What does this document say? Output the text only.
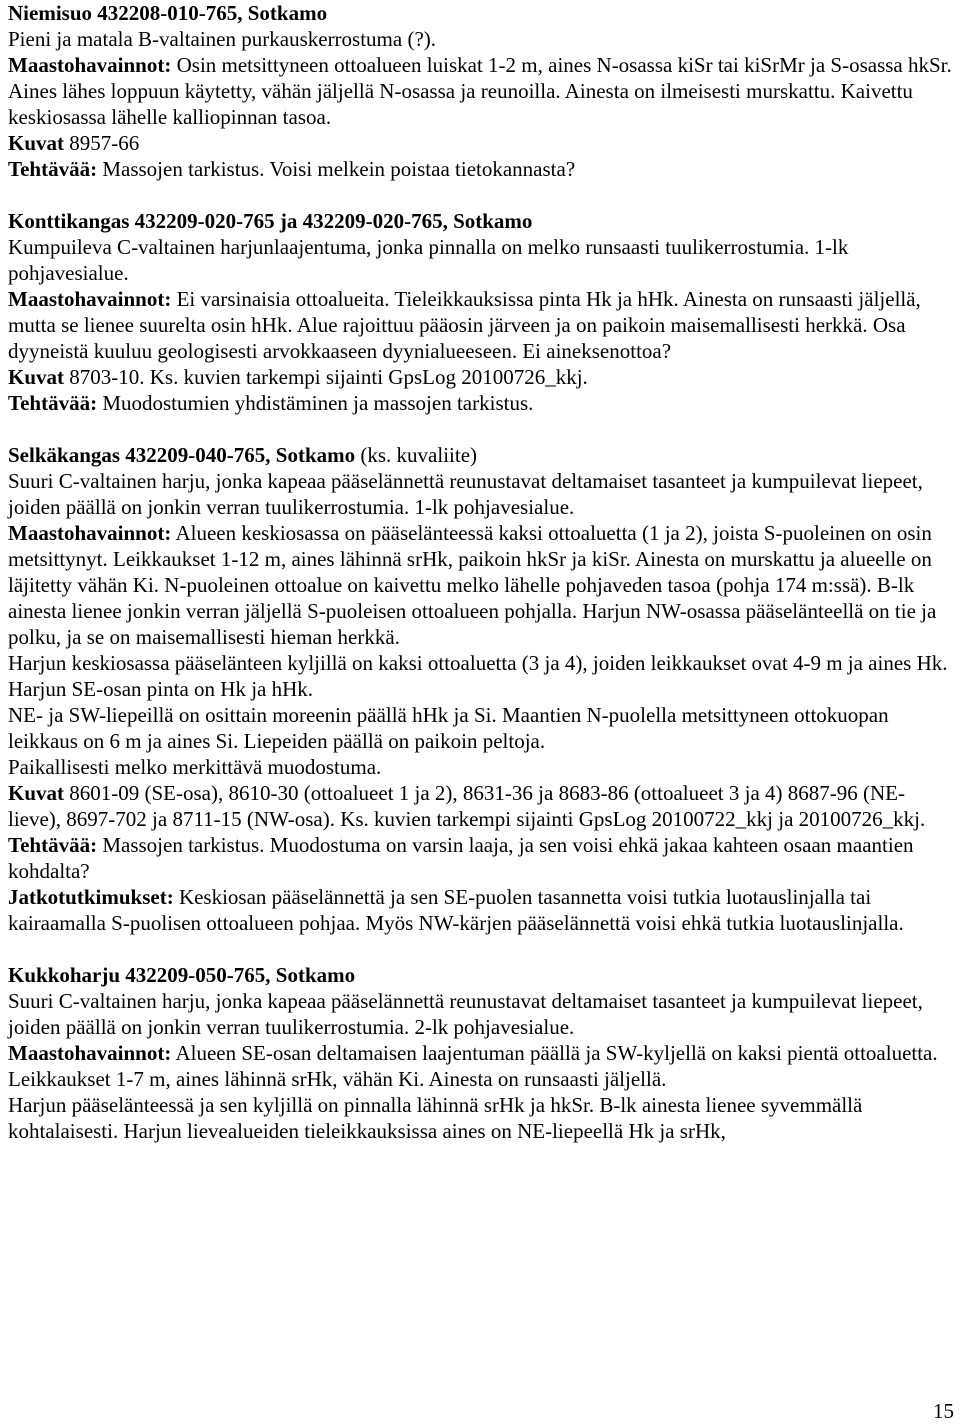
Niemisuo 432208-010-765, Sotkamo

Pieni ja matala B-valtainen purkauskerrostuma (?).

Maastohavainnot: Osin metsittyneen ottoalueen luiskat 1-2 m, aines N-osassa kiSr tai kiSrMr ja S-osassa hkSr. Aines lähes loppuun käytetty, vähän jäljellä N-osassa ja reunoilla. Ainesta on ilmeisesti murskattu. Kaivettu keskiosassa lähelle kalliopinnan tasoa.

Kuvat 8957-66

Tehtävää: Massojen tarkistus. Voisi melkein poistaa tietokannasta?

Konttikangas 432209-020-765 ja 432209-020-765, Sotkamo

Kumpuileva C-valtainen harjunlaajentuma, jonka pinnalla on melko runsaasti tuulikerrostumia. 1-lk pohjavesialue.

Maastohavainnot: Ei varsinaisia ottoalueita. Tieleikkauksissa pinta Hk ja hHk. Ainesta on runsaasti jäljellä, mutta se lienee suurelta osin hHk. Alue rajoittuu pääosin järveen ja on paikoin maisemallisesti herkkä. Osa dyyneistä kuuluu geologisesti arvokkaaseen dyynialueeseen. Ei aineksenottoa?

Kuvat 8703-10. Ks. kuvien tarkempi sijainti GpsLog 20100726_kkj.

Tehtävää: Muodostumien yhdistäminen ja massojen tarkistus.

Selkäkangas 432209-040-765, Sotkamo (ks. kuvaliite)

Suuri C-valtainen harju, jonka kapeaa pääselännettä reunustavat deltamaiset tasanteet ja kumpuilevat liepeet, joiden päällä on jonkin verran tuulikerrostumia. 1-lk pohjavesialue.

Maastohavainnot: Alueen keskiosassa on pääselänteessä kaksi ottoaluetta (1 ja 2), joista S-puoleinen on osin metsittynyt. Leikkaukset 1-12 m, aines lähinnä srHk, paikoin hkSr ja kiSr. Ainesta on murskattu ja alueelle on läjitetty vähän Ki. N-puoleinen ottoalue on kaivettu melko lähelle pohjaveden tasoa (pohja 174 m:ssä). B-lk ainesta lienee jonkin verran jäljellä S-puoleisen ottoalueen pohjalla. Harjun NW-osassa pääselänteellä on tie ja polku, ja se on maisemallisesti hieman herkkä.

Harjun keskiosassa pääselänteen kyljillä on kaksi ottoaluetta (3 ja 4), joiden leikkaukset ovat 4-9 m ja aines Hk. Harjun SE-osan pinta on Hk ja hHk.

NE- ja SW-liepeillä on osittain moreenin päällä hHk ja Si. Maantien N-puolella metsittyneen ottokuopan leikkaus on 6 m ja aines Si. Liepeiden päällä on paikoin peltoja.

Paikallisesti melko merkittävä muodostuma.

Kuvat 8601-09 (SE-osa), 8610-30 (ottoalueet 1 ja 2), 8631-36 ja 8683-86 (ottoalueet 3 ja 4) 8687-96 (NE-lieve), 8697-702 ja 8711-15 (NW-osa). Ks. kuvien tarkempi sijainti GpsLog 20100722_kkj ja 20100726_kkj.

Tehtävää: Massojen tarkistus. Muodostuma on varsin laaja, ja sen voisi ehkä jakaa kahteen osaan maantien kohdalta?

Jatkotutkimukset: Keskiosan pääselännettä ja sen SE-puolen tasannetta voisi tutkia luotauslinjalla tai kairaamalla S-puolisen ottoalueen pohjaa. Myös NW-kärjen pääselännettä voisi ehkä tutkia luotauslinjalla.

Kukkoharju 432209-050-765, Sotkamo

Suuri C-valtainen harju, jonka kapeaa pääselännettä reunustavat deltamaiset tasanteet ja kumpuilevat liepeet, joiden päällä on jonkin verran tuulikerrostumia. 2-lk pohjavesialue.

Maastohavainnot: Alueen SE-osan deltamaisen laajentuman päällä ja SW-kyljellä on kaksi pientä ottoaluetta. Leikkaukset 1-7 m, aines lähinnä srHk, vähän Ki. Ainesta on runsaasti jäljellä.

Harjun pääselänteessä ja sen kyljillä on pinnalla lähinnä srHk ja hkSr. B-lk ainesta lienee syvemmällä kohtalaisesti. Harjun lievealueiden tieleikkauksissa aines on NE-liepeellä Hk ja srHk,

15
